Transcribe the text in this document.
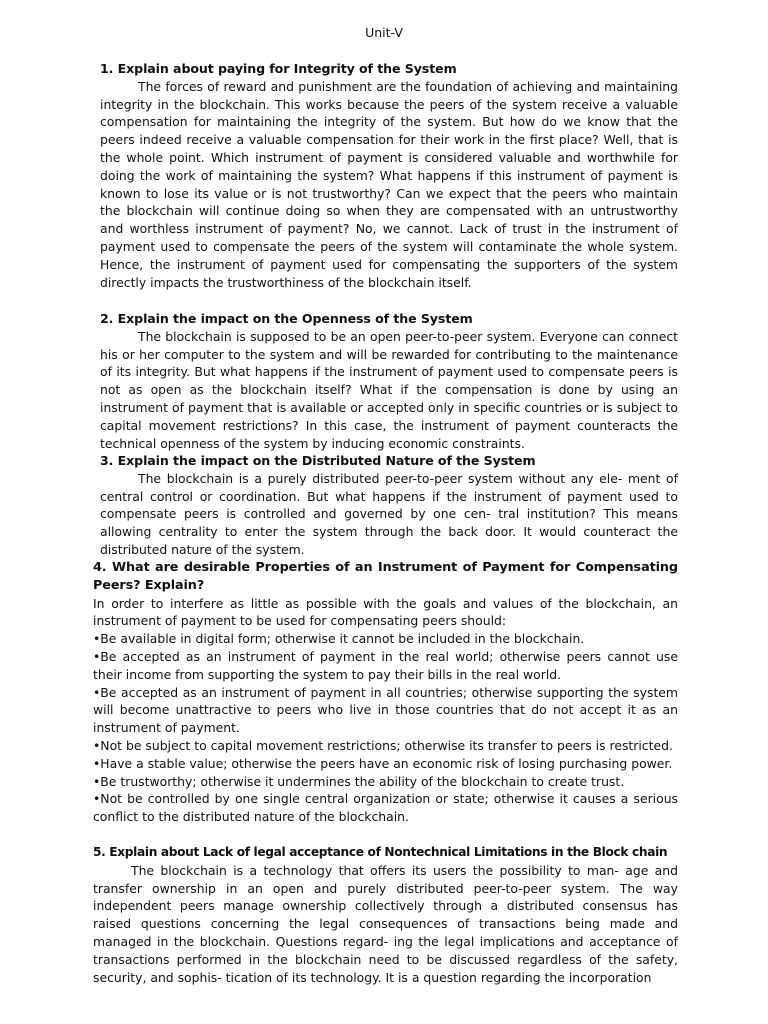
Unit-V
1. Explain about paying for Integrity of the System
The forces of reward and punishment are the foundation of achieving and maintaining integrity in the blockchain. This works because the peers of the system receive a valuable compensation for maintaining the integrity of the system. But how do we know that the peers indeed receive a valuable compensation for their work in the first place? Well, that is the whole point. Which instrument of payment is considered valuable and worthwhile for doing the work of maintaining the system? What happens if this instrument of payment is known to lose its value or is not trustworthy? Can we expect that the peers who maintain the blockchain will continue doing so when they are compensated with an untrustworthy and worthless instrument of payment? No, we cannot. Lack of trust in the instrument of payment used to compensate the peers of the system will contaminate the whole system. Hence, the instrument of payment used for compensating the supporters of the system directly impacts the trustworthiness of the blockchain itself.
2. Explain the impact on the Openness of the System
The blockchain is supposed to be an open peer-to-peer system. Everyone can connect his or her computer to the system and will be rewarded for contributing to the maintenance of its integrity. But what happens if the instrument of payment used to compensate peers is not as open as the blockchain itself? What if the compensation is done by using an instrument of payment that is available or accepted only in specific countries or is subject to capital movement restrictions? In this case, the instrument of payment counteracts the technical openness of the system by inducing economic constraints.
3. Explain the impact on the Distributed Nature of the System
The blockchain is a purely distributed peer-to-peer system without any ele- ment of central control or coordination. But what happens if the instrument of payment used to compensate peers is controlled and governed by one cen- tral institution? This means allowing centrality to enter the system through the back door. It would counteract the distributed nature of the system.
4. What are desirable Properties of an Instrument of Payment for Compensating Peers? Explain?
In order to interfere as little as possible with the goals and values of the blockchain, an instrument of payment to be used for compensating peers should:
•Be available in digital form; otherwise it cannot be included in the blockchain.
•Be accepted as an instrument of payment in the real world; otherwise peers cannot use their income from supporting the system to pay their bills in the real world.
•Be accepted as an instrument of payment in all countries; otherwise supporting the system will become unattractive to peers who live in those countries that do not accept it as an instrument of payment.
•Not be subject to capital movement restrictions; otherwise its transfer to peers is restricted.
•Have a stable value; otherwise the peers have an economic risk of losing purchasing power.
•Be trustworthy; otherwise it undermines the ability of the blockchain to create trust.
•Not be controlled by one single central organization or state; otherwise it causes a serious conflict to the distributed nature of the blockchain.
5. Explain about Lack of legal acceptance of Nontechnical Limitations in the Block chain
The blockchain is a technology that offers its users the possibility to man- age and transfer ownership in an open and purely distributed peer-to-peer system. The way independent peers manage ownership collectively through a distributed consensus has raised questions concerning the legal consequences of transactions being made and managed in the blockchain. Questions regard- ing the legal implications and acceptance of transactions performed in the blockchain need to be discussed regardless of the safety, security, and sophis- tication of its technology. It is a question regarding the incorporation
